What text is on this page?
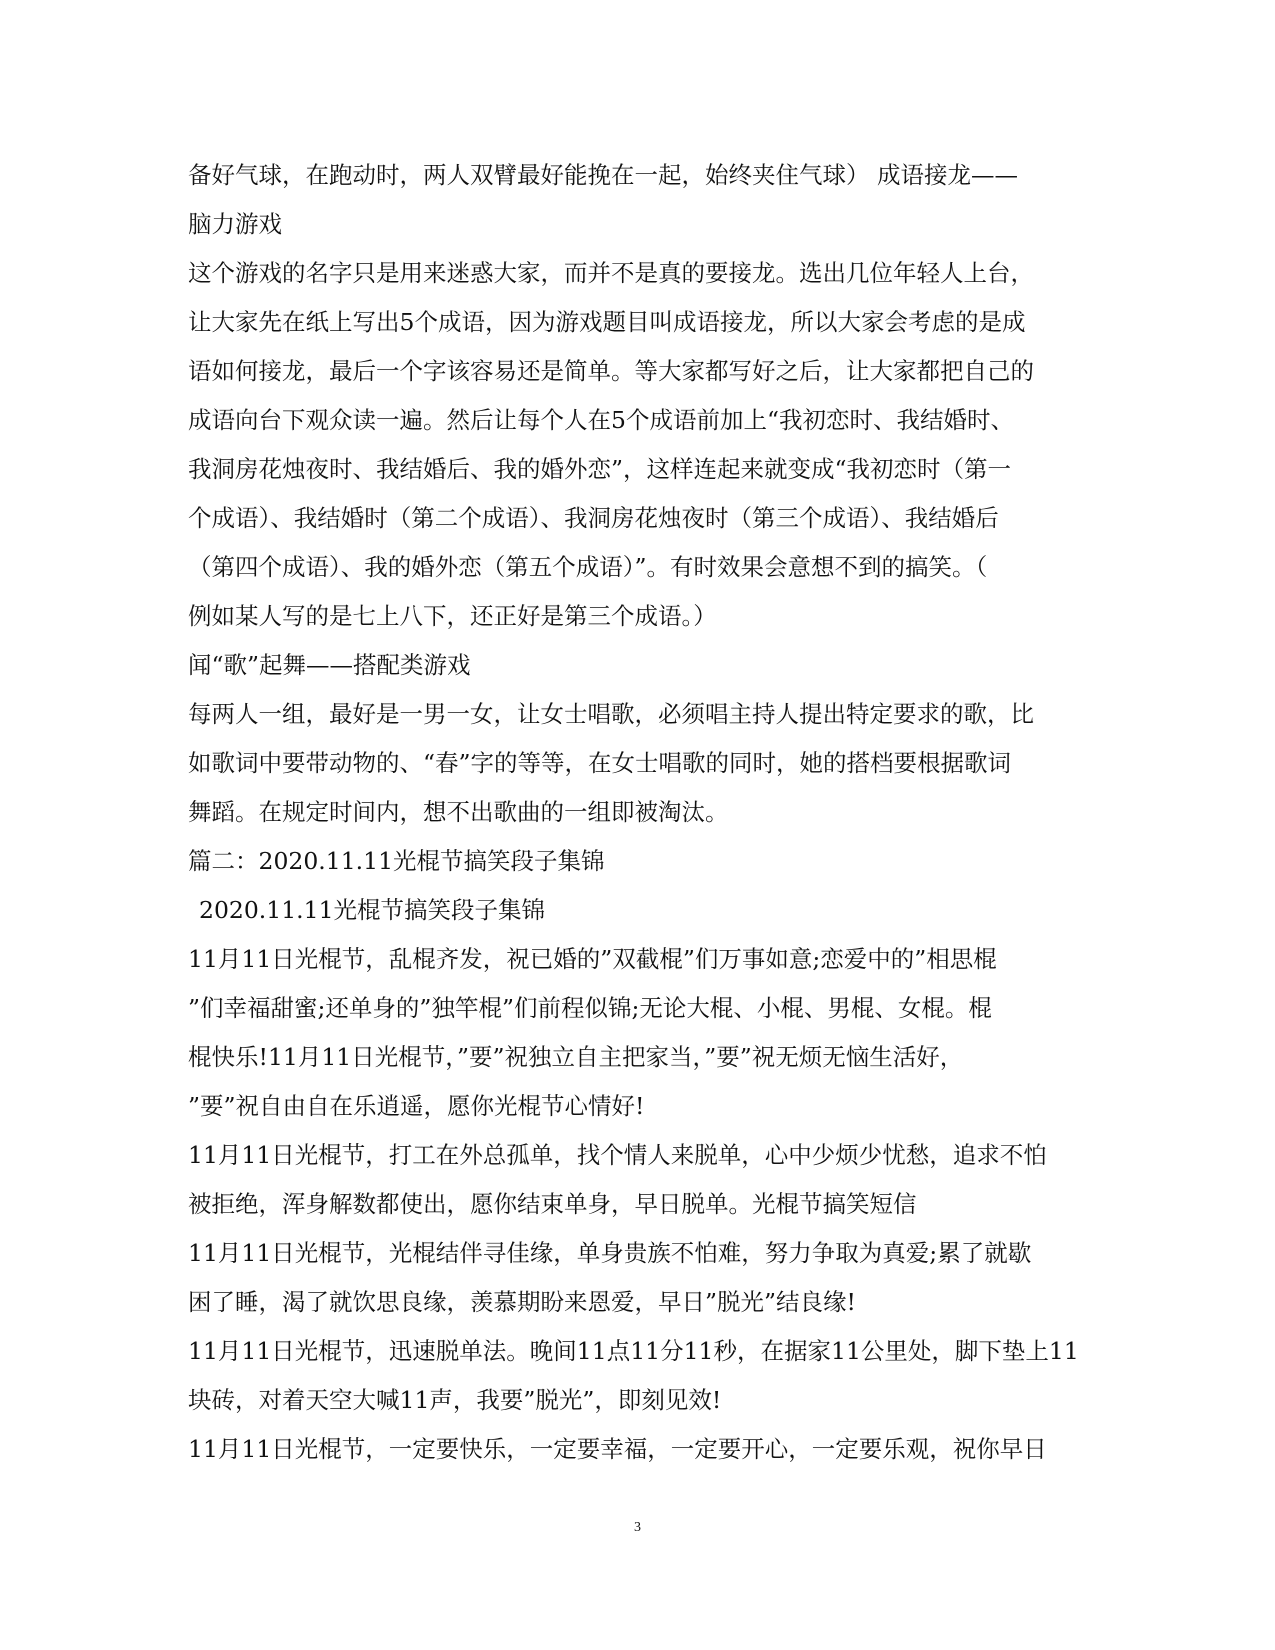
备好气球，在跑动时，两人双臂最好能挽在一起，始终夹住气球） 成语接龙——
脑力游戏
这个游戏的名字只是用来迷惑大家，而并不是真的要接龙。选出几位年轻人上台，
让大家先在纸上写出5个成语，因为游戏题目叫成语接龙，所以大家会考虑的是成
语如何接龙，最后一个字该容易还是简单。等大家都写好之后，让大家都把自己的
成语向台下观众读一遍。然后让每个人在5个成语前加上“我初恋时、我结婚时、
我洞房花烛夜时、我结婚后、我的婚外恋”，这样连起来就变成“我初恋时（第一
个成语）、我结婚时（第二个成语）、我洞房花烛夜时（第三个成语）、我结婚后
（第四个成语）、我的婚外恋（第五个成语）”。有时效果会意想不到的搞笑。（
例如某人写的是七上八下，还正好是第三个成语。）
闻“歌”起舞——搭配类游戏
每两人一组，最好是一男一女，让女士唱歌，必须唱主持人提出特定要求的歌，比
如歌词中要带动物的、“春”字的等等，在女士唱歌的同时，她的搭档要根据歌词
舞蹈。在规定时间内，想不出歌曲的一组即被淘汰。
篇二：2020.11.11光棍节搞笑段子集锦
2020.11.11光棍节搞笑段子集锦
11月11日光棍节，乱棍齐发，祝已婚的”双截棍”们万事如意;恋爱中的”相思棍
”们幸福甜蜜;还单身的”独竿棍”们前程似锦;无论大棍、小棍、男棍、女棍。棍
棍快乐!11月11日光棍节，”要”祝独立自主把家当，”要”祝无烦无恼生活好，
”要”祝自由自在乐逍遥，愿你光棍节心情好!
11月11日光棍节，打工在外总孤单，找个情人来脱单，心中少烦少忧愁，追求不怕
被拒绝，浑身解数都使出，愿你结束单身，早日脱单。光棍节搞笑短信
11月11日光棍节，光棍结伴寻佳缘，单身贵族不怕难，努力争取为真爱;累了就歇
困了睡，渴了就饮思良缘，羡慕期盼来恩爱，早日”脱光”结良缘!
11月11日光棍节，迅速脱单法。晚间11点11分11秒，在据家11公里处，脚下垫上11
块砖，对着天空大喊11声，我要”脱光”，即刻见效!
11月11日光棍节，一定要快乐，一定要幸福，一定要开心，一定要乐观，祝你早日
3
